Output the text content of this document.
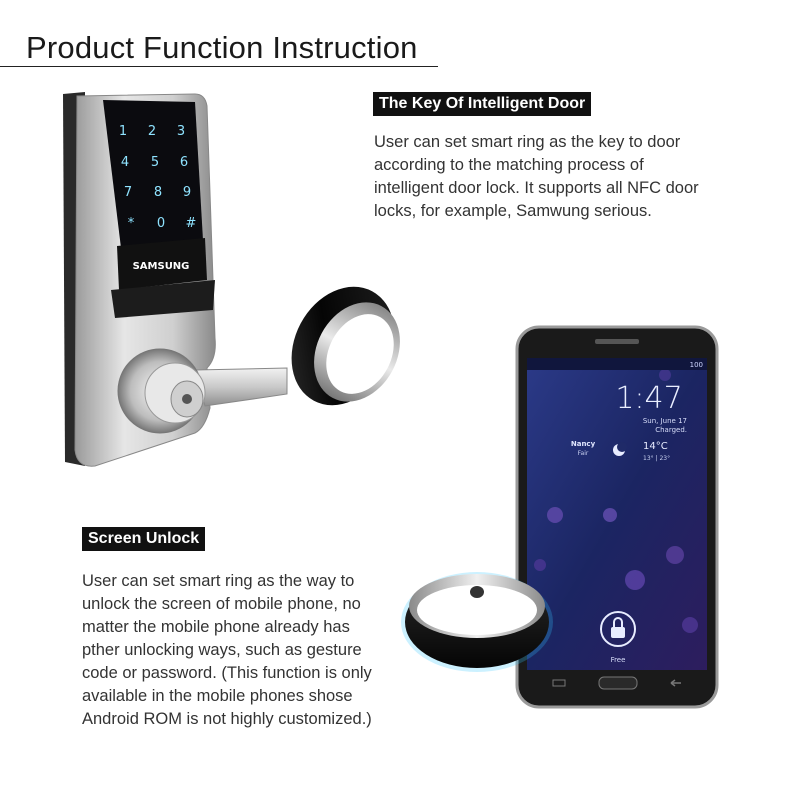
Product Function Instruction
1 2 3
4 5 6
7 8 9
* 0 #
SAMSUNG
The Key Of Intelligent Door
User can set smart ring as the key to door
according to the matching process of
intelligent door lock. It supports all NFC door
locks, for example, Samwung serious.
100
1:47
Sun, June 17
Charged.
Nancy
Fair
14°C
13° | 23°
Free
Screen Unlock
User can set smart ring as the way to
unlock the screen of mobile phone, no
matter the mobile phone already has
pther unlocking ways, such as gesture
code or password. (This function is only
available in the mobile phones shose
Android ROM is not highly customized.)
